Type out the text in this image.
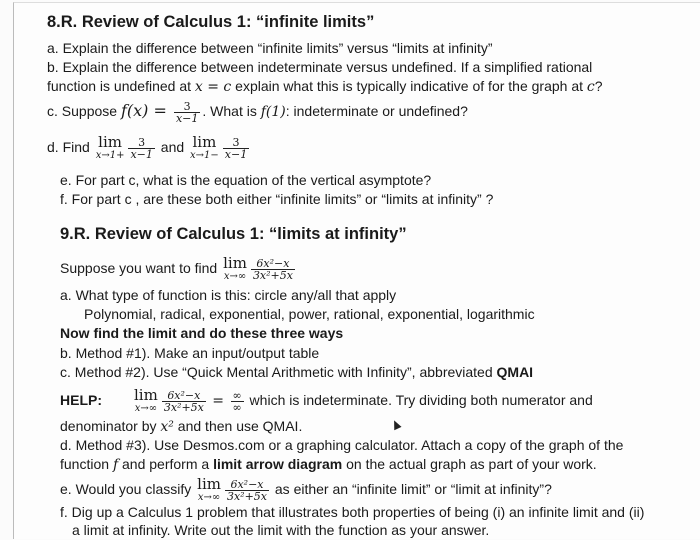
8.R. Review of Calculus 1: “infinite limits”
a. Explain the difference between “infinite limits” versus “limits at infinity”
b. Explain the difference between indeterminate versus undefined. If a simplified rational
function is undefined at x = c explain what this is typically indicative of for the graph at c?
c. Suppose $f(x) = \frac{3}{x-1}$ . What is f(1): indeterminate or undefined?
d. Find lim
$x\to 1+ \frac{3}{x-1}$ and lim
$x\to 1- \frac{3}{x-1}$
e. For part c, what is the equation of the vertical asymptote?
f. For part c , are these both either “infinite limits” or “limits at infinity” ?
9.R. Review of Calculus 1: “limits at infinity”
Suppose you want to find lim
$x\to\infty \frac{\text{6x²−x}}{\text{3x²+5x}}$
a. What type of function is this: circle any/all that apply
Polynomial, radical, exponential, power, rational, exponential, logarithmic
Now find the limit and do these three ways
b. Method #1). Make an input/output table
c. Method #2). Use “Quick Mental Arithmetic with Infinity”, abbreviated QMAI
HELP: lim
$x\to\infty \frac{\text{6x²−x}}{\text{3x²+5x}} = \frac{\infty}{\infty}$ which is indeterminate. Try dividing both numerator and
denominator by x² and then use QMAI.
d. Method #3). Use Desmos.com or a graphing calculator. Attach a copy of the graph of the
function f and perform a limit arrow diagram on the actual graph as part of your work.
e. Would you classify lim
$x\to\infty \frac{\text{6x²−x}}{\text{3x²+5x}}$ as either an “infinite limit” or “limit at infinity”?
f. Dig up a Calculus 1 problem that illustrates both properties of being (i) an infinite limit and (ii)
a limit at infinity. Write out the limit with the function as your answer.
